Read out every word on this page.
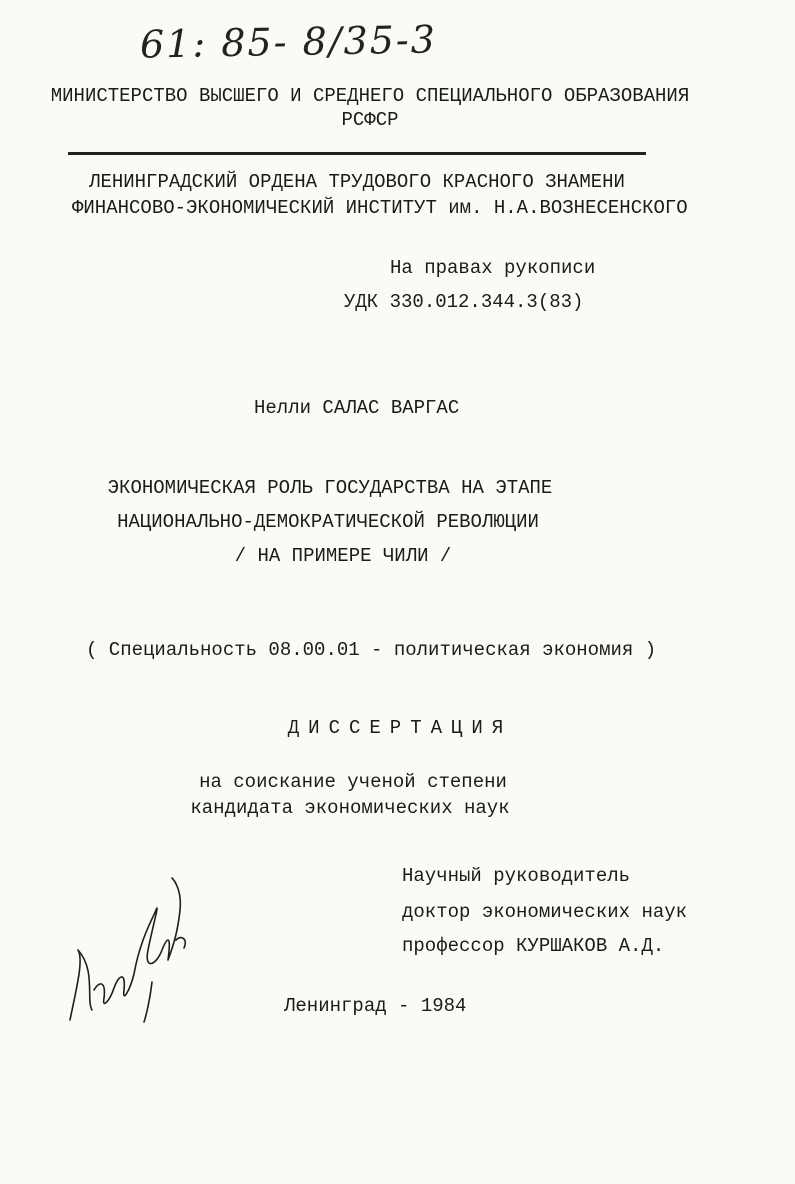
61: 85- 8/35-3
МИНИСТЕРСТВО ВЫСШЕГО И СРЕДНЕГО СПЕЦИАЛЬНОГО ОБРАЗОВАНИЯ
РСФСР
ЛЕНИНГРАДСКИЙ ОРДЕНА ТРУДОВОГО КРАСНОГО ЗНАМЕНИ
ФИНАНСОВО-ЭКОНОМИЧЕСКИЙ ИНСТИТУТ им. Н.А.ВОЗНЕСЕНСКОГО
На правах рукописи
УДК 330.012.344.3(83)
Нелли САЛАС ВАРГАС
ЭКОНОМИЧЕСКАЯ РОЛЬ ГОСУДАРСТВА НА ЭТАПЕ
НАЦИОНАЛЬНО-ДЕМОКРАТИЧЕСКОЙ РЕВОЛЮЦИИ
/ НА ПРИМЕРЕ ЧИЛИ /
( Специальность 08.00.01 - политическая экономия )
ДИССЕРТАЦИЯ
на соискание ученой степени
кандидата экономических наук
Научный руководитель
доктор экономических наук
профессор КУРШАКОВ А.Д.
Ленинград - 1984
